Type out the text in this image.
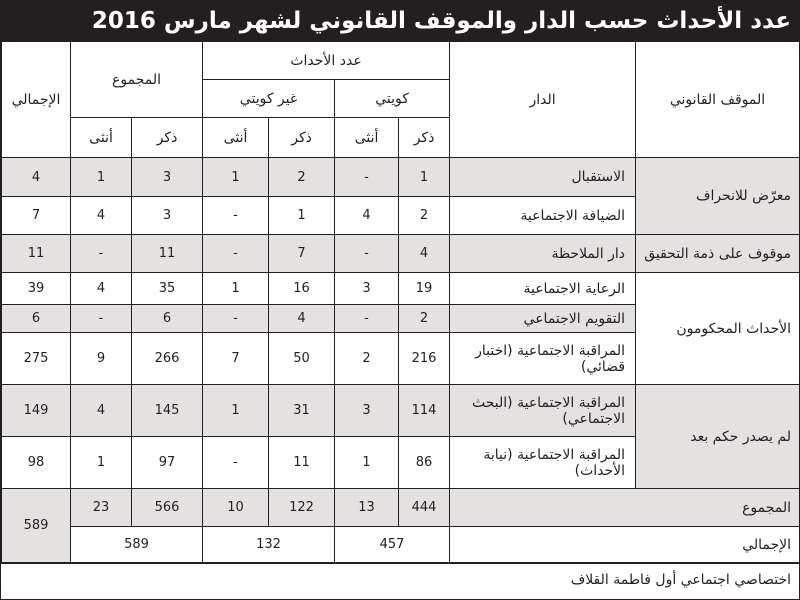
عدد الأحداث حسب الدار والموقف القانوني لشهر مارس 2016
الموقف القانوني	الدار	عدد الأحداث				المجموع		الإجمالي
		كويتي		غير كويتي				
		ذكر	أنثى	ذكر	أنثى	ذكر	أنثى	
معرّض للانحراف	الاستقبال	1	-	2	1	3	1	4
	الضيافة الاجتماعية	2	4	1	-	3	4	7
موقوف على ذمة التحقيق	دار الملاحظة	4	-	7	-	11	-	11
الأحداث المحكومون	الرعاية الاجتماعية	19	3	16	1	35	4	39
	التقويم الاجتماعي	2	-	4	-	6	-	6
	المراقبة الاجتماعية (اختبار قضائي)	216	2	50	7	266	9	275
لم يصدر حكم بعد	المراقبة الاجتماعية (البحث الاجتماعي)	114	3	31	1	145	4	149
	المراقبة الاجتماعية (نيابة الأحداث)	86	1	11	-	97	1	98
المجموع		444	13	122	10	566	23	589
الإجمالي		457		132		589		
اختصاصي اجتماعي أول فاطمة القلاف
